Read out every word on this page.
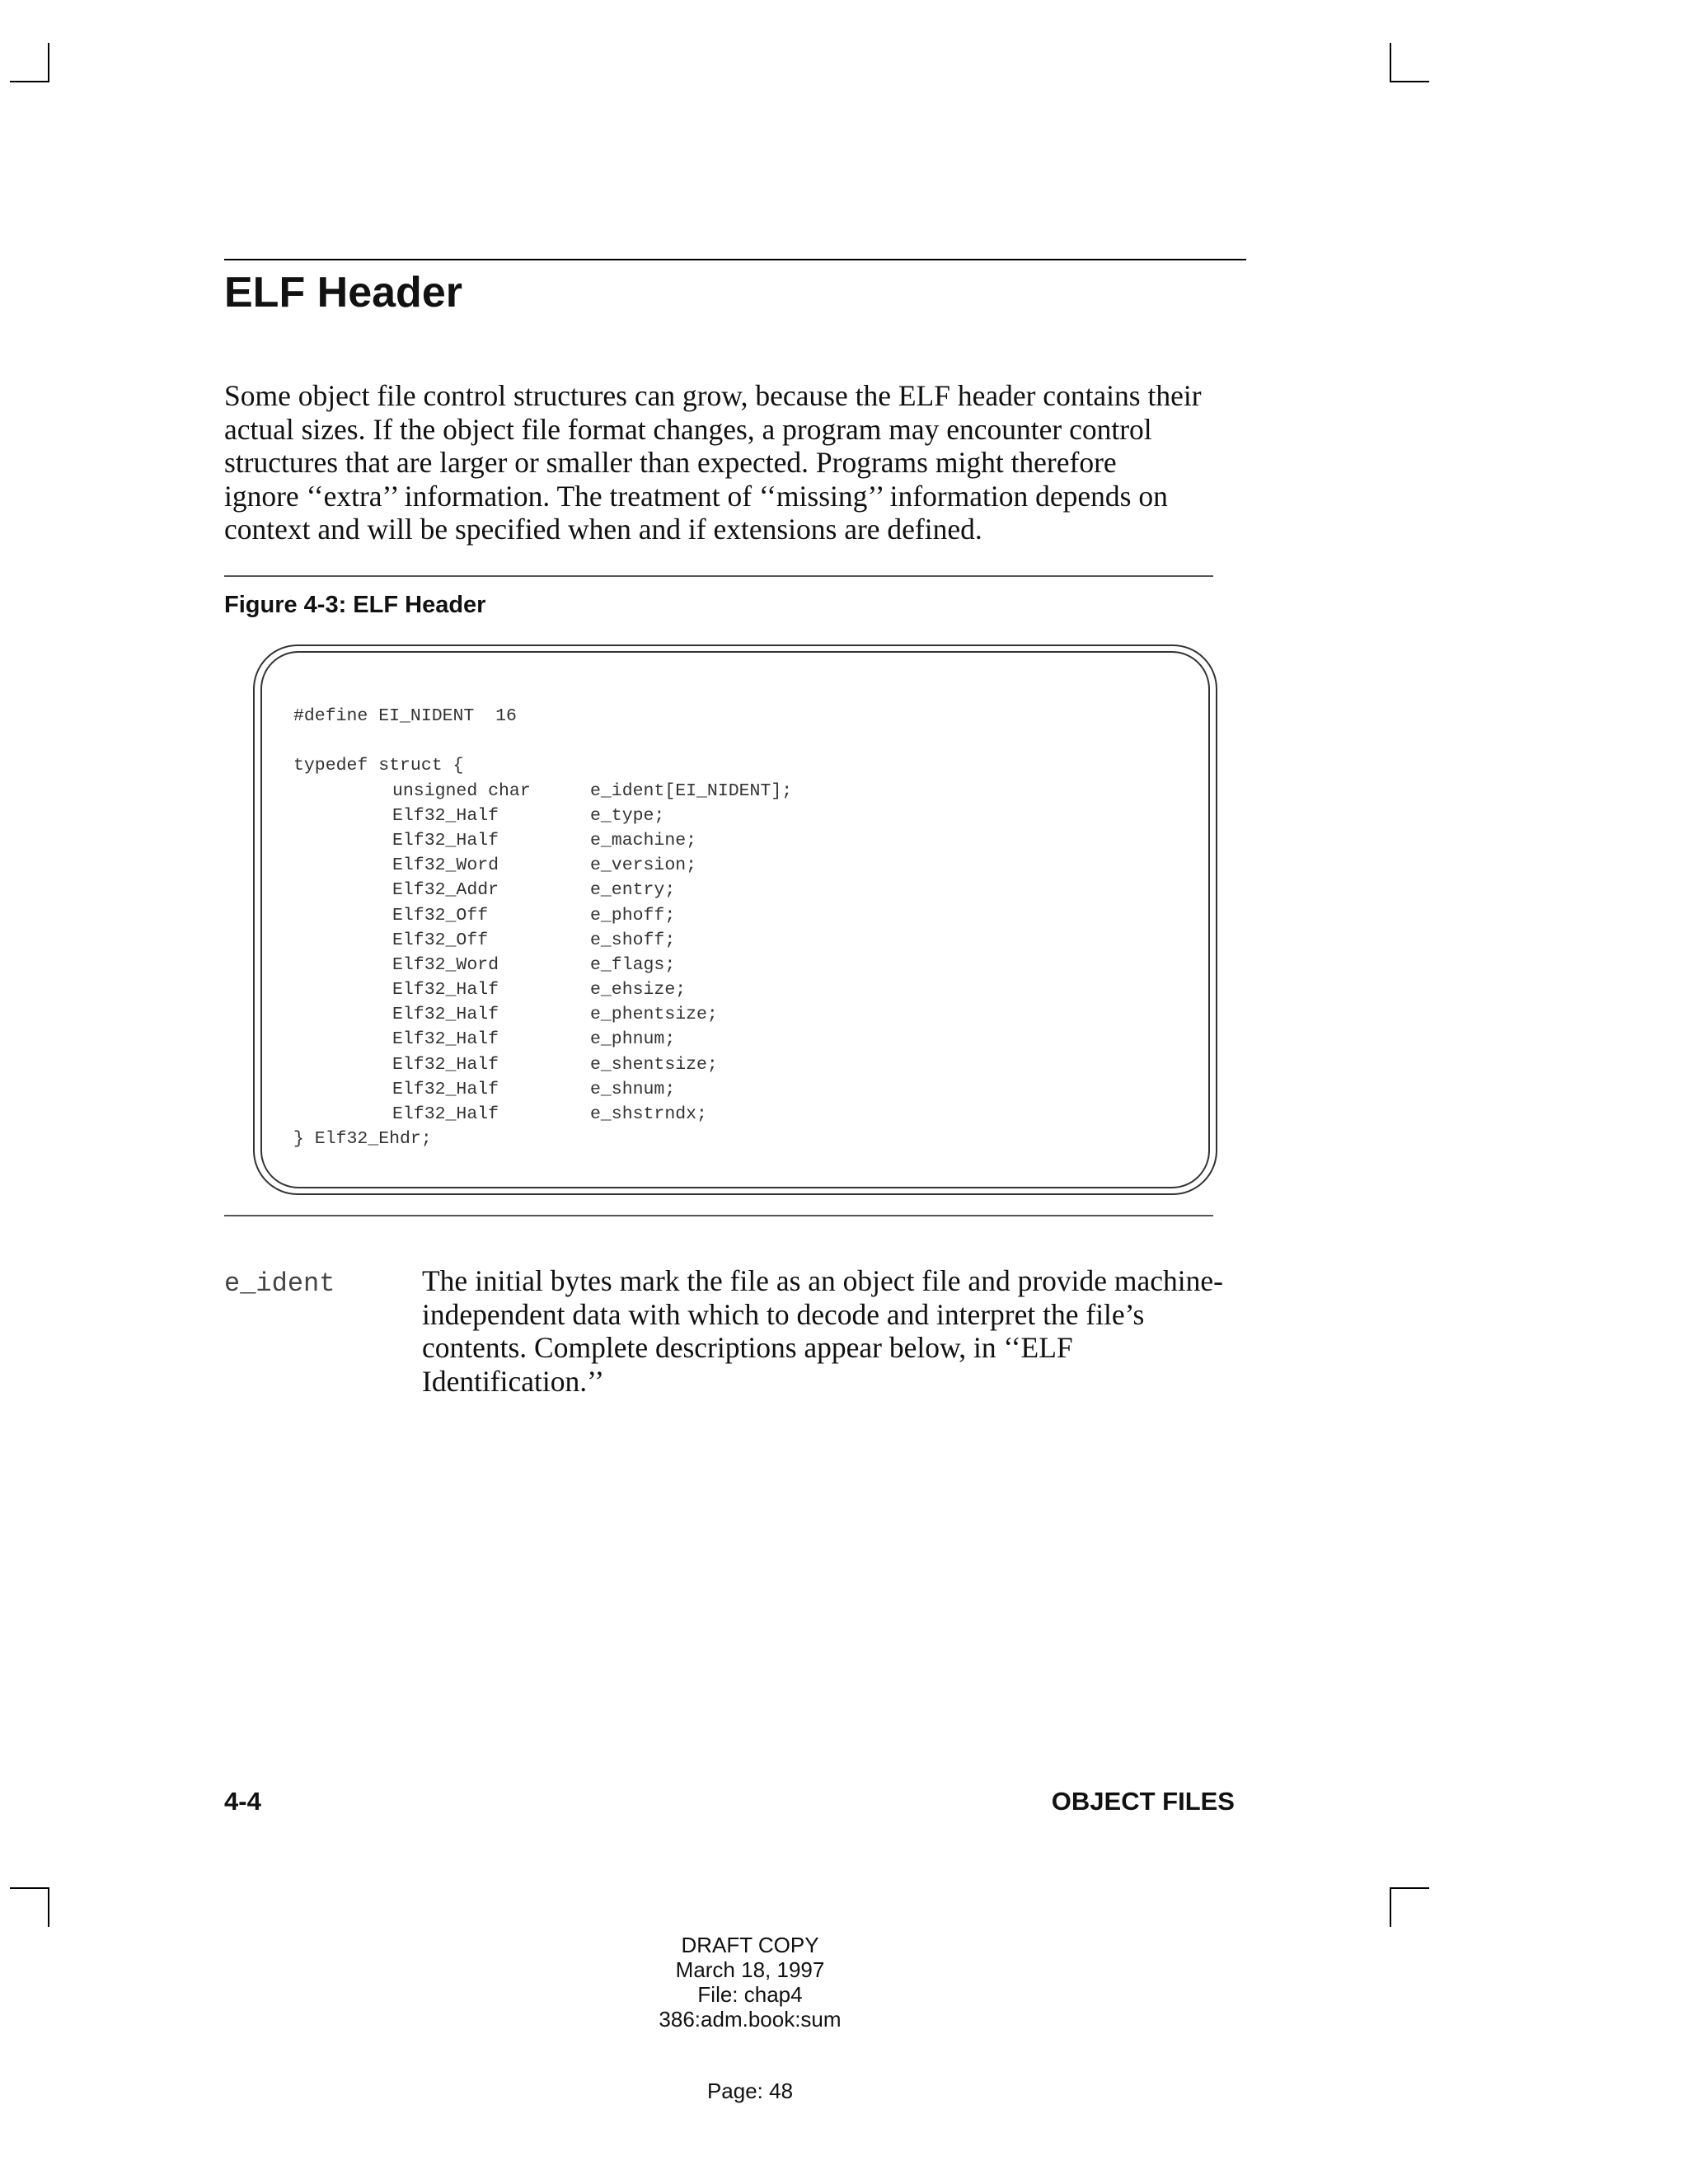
ELF Header

Some object file control structures can grow, because the ELF header contains their
actual sizes. If the object file format changes, a program may encounter control
structures that are larger or smaller than expected. Programs might therefore
ignore ‘‘extra’’ information. The treatment of ‘‘missing’’ information depends on
context and will be specified when and if extensions are defined.

Figure 4-3: ELF Header

#define EI_NIDENT  16

typedef struct {
unsigned char	e_ident[EI_NIDENT];
Elf32_Half	e_type;
Elf32_Half	e_machine;
Elf32_Word	e_version;
Elf32_Addr	e_entry;
Elf32_Off	e_phoff;
Elf32_Off	e_shoff;
Elf32_Word	e_flags;
Elf32_Half	e_ehsize;
Elf32_Half	e_phentsize;
Elf32_Half	e_phnum;
Elf32_Half	e_shentsize;
Elf32_Half	e_shnum;
Elf32_Half	e_shstrndx;
} Elf32_Ehdr;
e_ident	The initial bytes mark the file as an object file and provide machine-independent data with which to decode and interpret the file’s contents. Complete descriptions appear below, in ‘‘ELF Identification.’’

4-4	OBJECT FILES
DRAFT COPY
March 18, 1997
File: chap4
386:adm.book:sum
Page: 48
